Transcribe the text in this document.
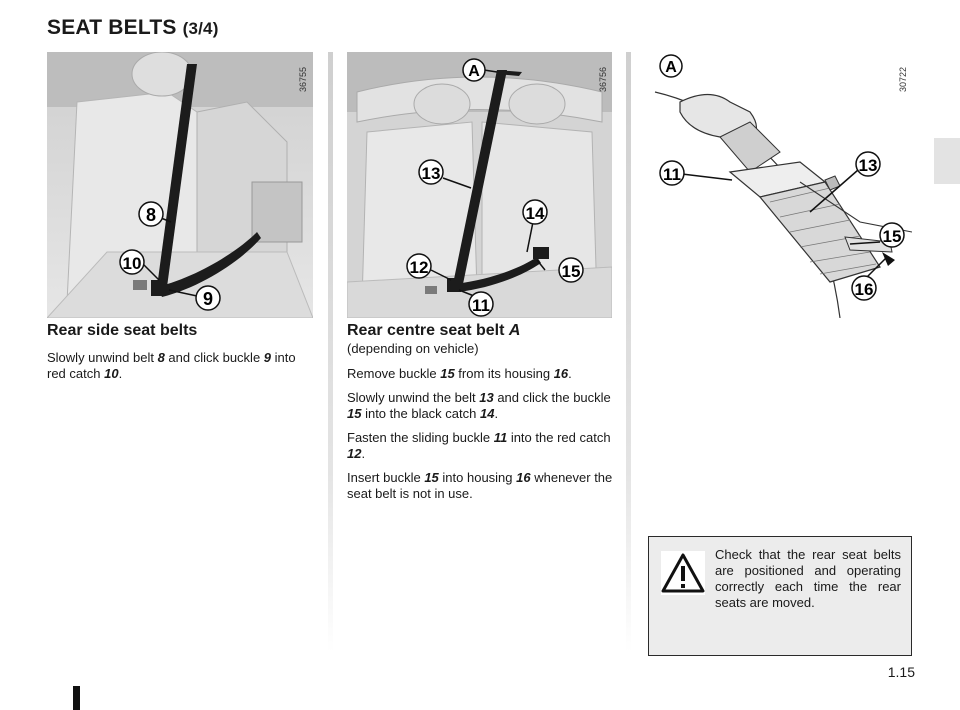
SEAT BELTS (3/4)
36755
8
10
9
36756
A
13
14
12	15
11
30722
A
11	13
15
16
Rear side seat belts

Slowly unwind belt 8 and click buckle 9 into red catch 10.

Rear centre seat belt A
(depending on vehicle)

Remove buckle 15 from its housing 16.

Slowly unwind the belt 13 and click the buckle 15 into the black catch 14.

Fasten the sliding buckle 11 into the red catch 12.

Insert buckle 15 into housing 16 whenever the seat belt is not in use.

Check that the rear seat belts are positioned and operating correctly each time the rear seats are moved.

1.15
